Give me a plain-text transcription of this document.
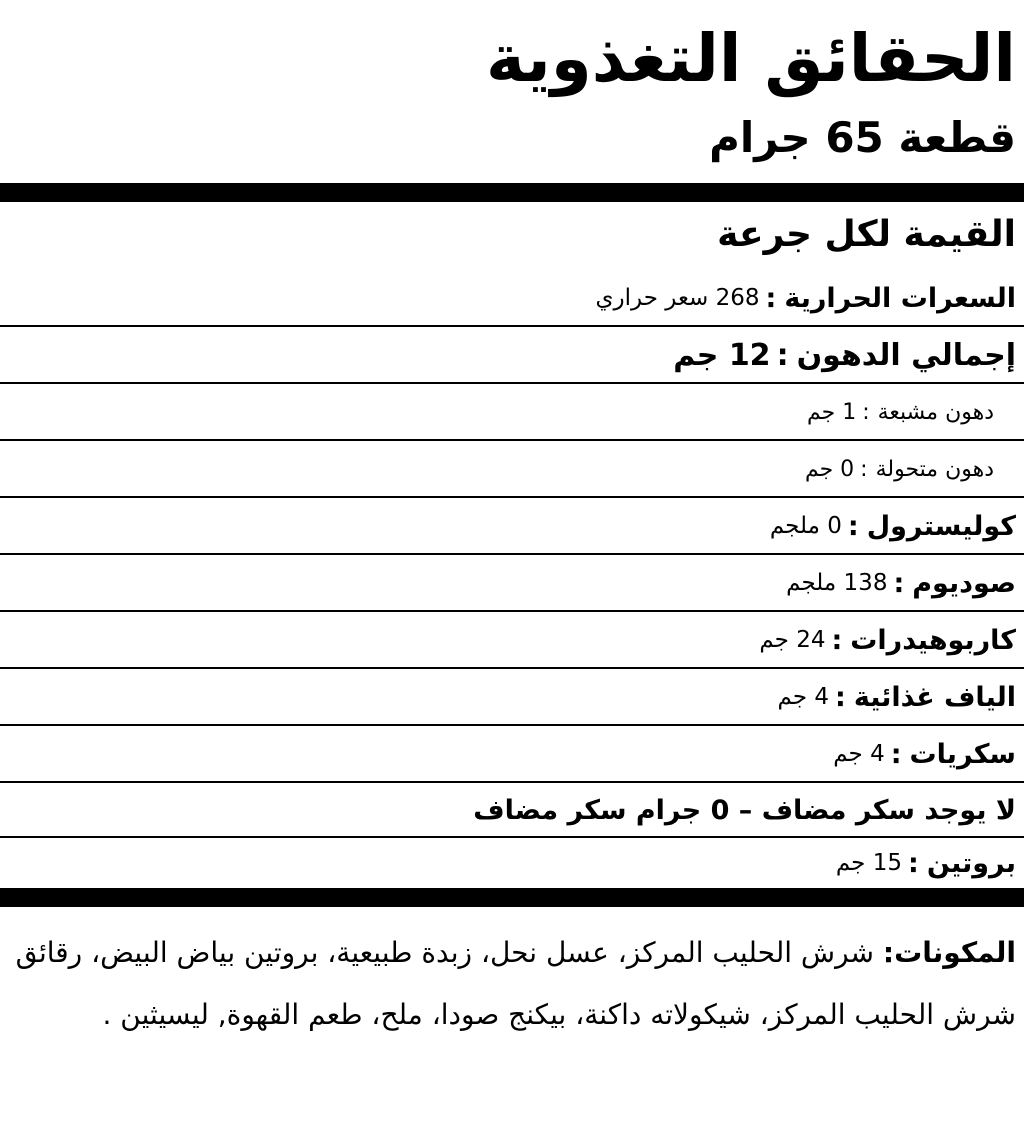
الحقائق التغذوية
قطعة 65 جرام
القيمة لكل جرعة
السعرات الحرارية
:
268 سعر حراري
إجمالي الدهون
:
12 جم
دهون مشبعة
:
1 جم
دهون متحولة
:
0 جم
كوليسترول
:
0 ملجم
صوديوم
:
138 ملجم
كاربوهيدرات
:
24 جم
الياف غذائية
:
4 جم
سكريات
:
4 جم
لا يوجد سكر مضاف – 0 جرام سكر مضاف
بروتين
:
15 جم
المكونات: شرش الحليب المركز، عسل نحل، زبدة طبيعية، بروتين بياض البيض، رقائق شرش الحليب المركز، شيكولاته داكنة، بيكنج صودا، ملح، طعم القهوة, ليسيثين .
